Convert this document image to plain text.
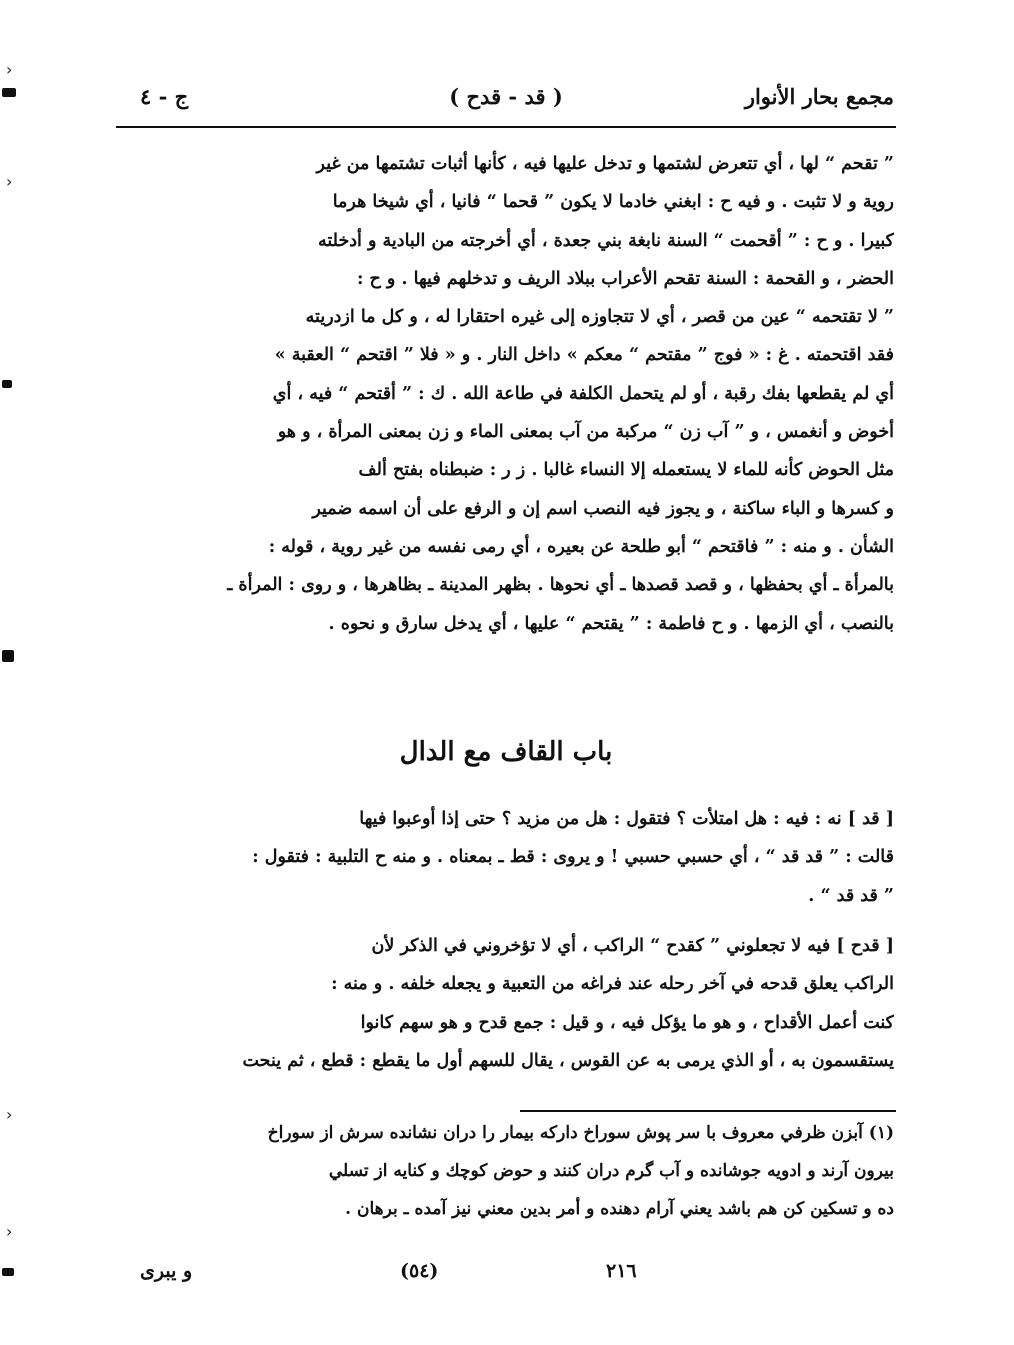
›
›
›
›
مجمع بحار الأنوار
( قد - قدح )
ج - ٤
” تقحم “ لها ، أي تتعرض لشتمها و تدخل عليها فيه ، كأنها أثبات تشتمها من غير
روية و لا تثبت . و فيه ح : ابغني خادما لا يكون ” قحما “ فانيا ، أي شيخا هرما
كبيرا . و ح : ” أقحمت “ السنة نابغة بني جعدة ، أي أخرجته من البادية و أدخلته
الحضر ، و القحمة : السنة تقحم الأعراب ببلاد الريف و تدخلهم فيها . و ح :
” لا تقتحمه “ عين من قصر ، أي لا تتجاوزه إلى غيره احتقارا له ، و كل ما ازدريته
فقد اقتحمته . غ : « فوج ” مقتحم “ معكم » داخل النار . و « فلا ” اقتحم “ العقبة »
أي لم يقطعها بفك رقبة ، أو لم يتحمل الكلفة في طاعة الله . ك : ” أقتحم “ فيه ، أي
أخوض و أنغمس ، و ” آب زن “ مركبة من آب بمعنى الماء و زن بمعنى المرأة ، و هو
مثل الحوض كأنه للماء لا يستعمله إلا النساء غالبا . ز ر : ضبطناه بفتح ألف
و كسرها و الباء ساكنة ، و يجوز فيه النصب اسم إن و الرفع على أن اسمه ضمير
الشأن . و منه : ” فاقتحم “ أبو طلحة عن بعيره ، أي رمى نفسه من غير روية ، قوله :
بالمرأة ـ أي بحفظها ، و قصد قصدها ـ أي نحوها . بظهر المدينة ـ بظاهرها ، و روى : المرأة ـ
بالنصب ، أي الزمها . و ح فاطمة : ” يقتحم “ عليها ، أي يدخل سارق و نحوه .
باب القاف مع الدال
[ قد ] نه : فيه : هل امتلأت ؟ فتقول : هل من مزيد ؟ حتى إذا أوعبوا فيها
قالت : ” قد قد “ ، أي حسبي حسبي ! و يروى : قط ـ بمعناه . و منه ح التلبية : فتقول :
” قد قد “ .
[ قدح ] فيه لا تجعلوني ” كقدح “ الراكب ، أي لا تؤخروني في الذكر لأن
الراكب يعلق قدحه في آخر رحله عند فراغه من التعبية و يجعله خلفه . و منه :
كنت أعمل الأقداح ، و هو ما يؤكل فيه ، و قيل : جمع قدح و هو سهم كانوا
يستقسمون به ، أو الذي يرمى به عن القوس ، يقال للسهم أول ما يقطع : قطع ، ثم ينحت
(١) آبزن ظرفي معروف با سر پوش سوراخ داركه بيمار را دران نشانده سرش از سوراخ
بيرون آرند و ادويه جوشانده و آب گرم دران كنند و حوض كوچك و كنايه از تسلي
ده و تسكين كن هم باشد يعني آرام دهنده و أمر بدين معني نيز آمده ـ برهان .
و يبرى	(٥٤)	٢١٦
